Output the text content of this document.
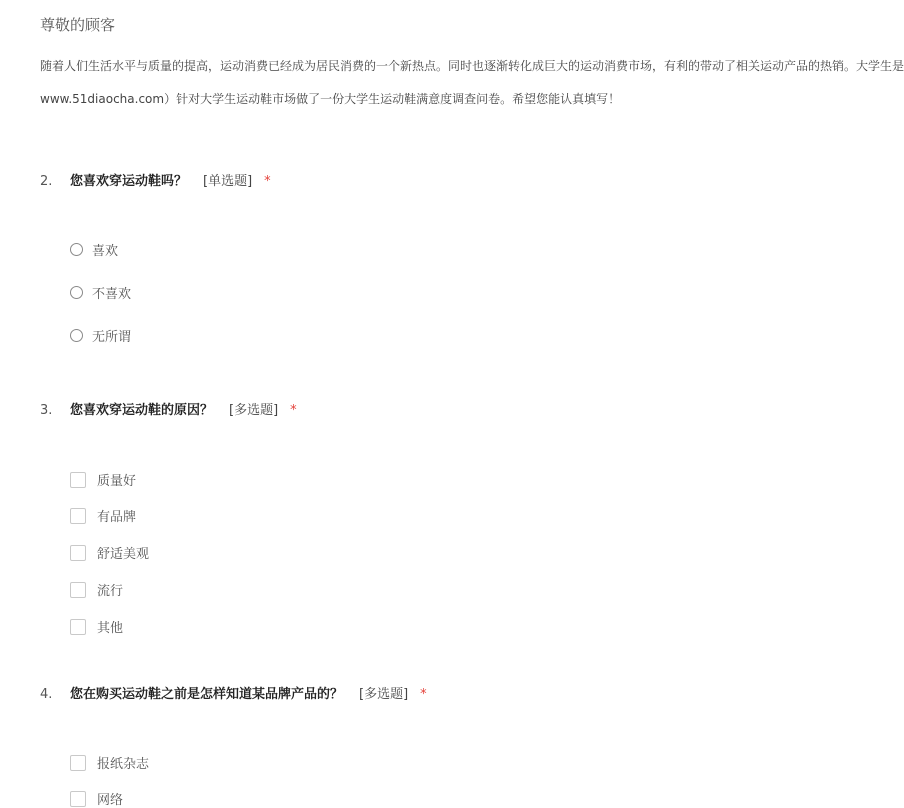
尊敬的顾客
随着人们生活水平与质量的提高，运动消费已经成为居民消费的一个新热点。同时也逐渐转化成巨大的运动消费市场，有利的带动了相关运动产品的热销。大学生是
www.51diaocha.com）针对大学生运动鞋市场做了一份大学生运动鞋满意度调查问卷。希望您能认真填写！
2.	您喜欢穿运动鞋吗？ [单选题] *
喜欢
不喜欢
无所谓
3.	您喜欢穿运动鞋的原因？ [多选题] *
质量好
有品牌
舒适美观
流行
其他
4.	您在购买运动鞋之前是怎样知道某品牌产品的？ [多选题] *
报纸杂志
网络
